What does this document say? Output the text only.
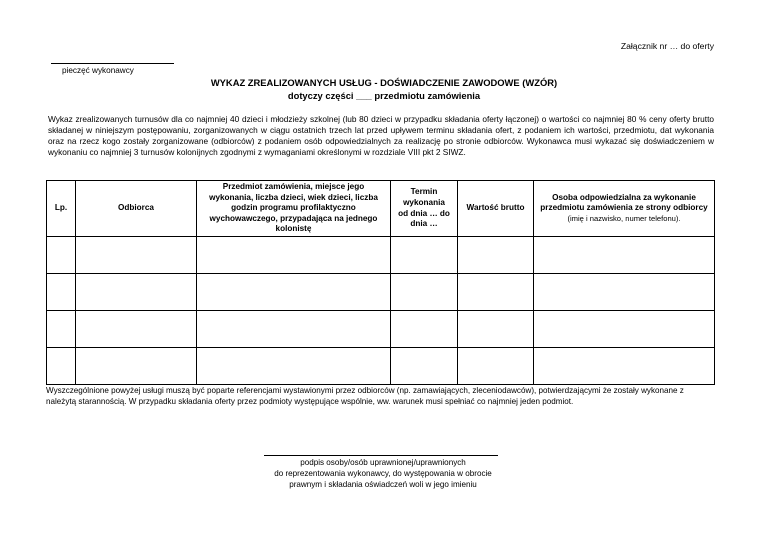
Załącznik nr … do oferty
pieczęć wykonawcy
WYKAZ ZREALIZOWANYCH USŁUG - DOŚWIADCZENIE ZAWODOWE (WZÓR)
dotyczy części ___ przedmiotu zamówienia

Wykaz zrealizowanych turnusów dla co najmniej 40 dzieci i młodzieży szkolnej (lub 80 dzieci w przypadku składania oferty łączonej) o wartości co najmniej 80 % ceny oferty brutto składanej w niniejszym postępowaniu, zorganizowanych w ciągu ostatnich trzech lat przed upływem terminu składania ofert, z podaniem ich wartości, przedmiotu, dat wykonania oraz na rzecz kogo zostały zorganizowane (odbiorców) z podaniem osób odpowiedzialnych za realizację po stronie odbiorców. Wykonawca musi wykazać się doświadczeniem w wykonaniu co najmniej 3 turnusów kolonijnych zgodnymi z wymaganiami określonymi w rozdziale VIII pkt 2 SIWZ.

Lp.	Odbiorca	Przedmiot zamówienia, miejsce jego wykonania, liczba dzieci, wiek dzieci, liczba godzin programu profilaktyczno wychowawczego, przypadająca na jednego kolonistę	Termin wykonania od dnia … do dnia …	Wartość brutto	Osoba odpowiedzialna za wykonanie przedmiotu zamówienia ze strony odbiorcy (imię i nazwisko, numer telefonu).

Wyszczególnione powyżej usługi muszą być poparte referencjami wystawionymi przez odbiorców (np. zamawiających, zleceniodawców), potwierdzającymi że zostały wykonane z należytą starannością. W przypadku składania oferty przez podmioty występujące wspólnie, ww. warunek musi spełniać co najmniej jeden podmiot.

podpis osoby/osób uprawnionej/uprawnionych
do reprezentowania wykonawcy, do występowania w obrocie
prawnym i składania oświadczeń woli w jego imieniu
